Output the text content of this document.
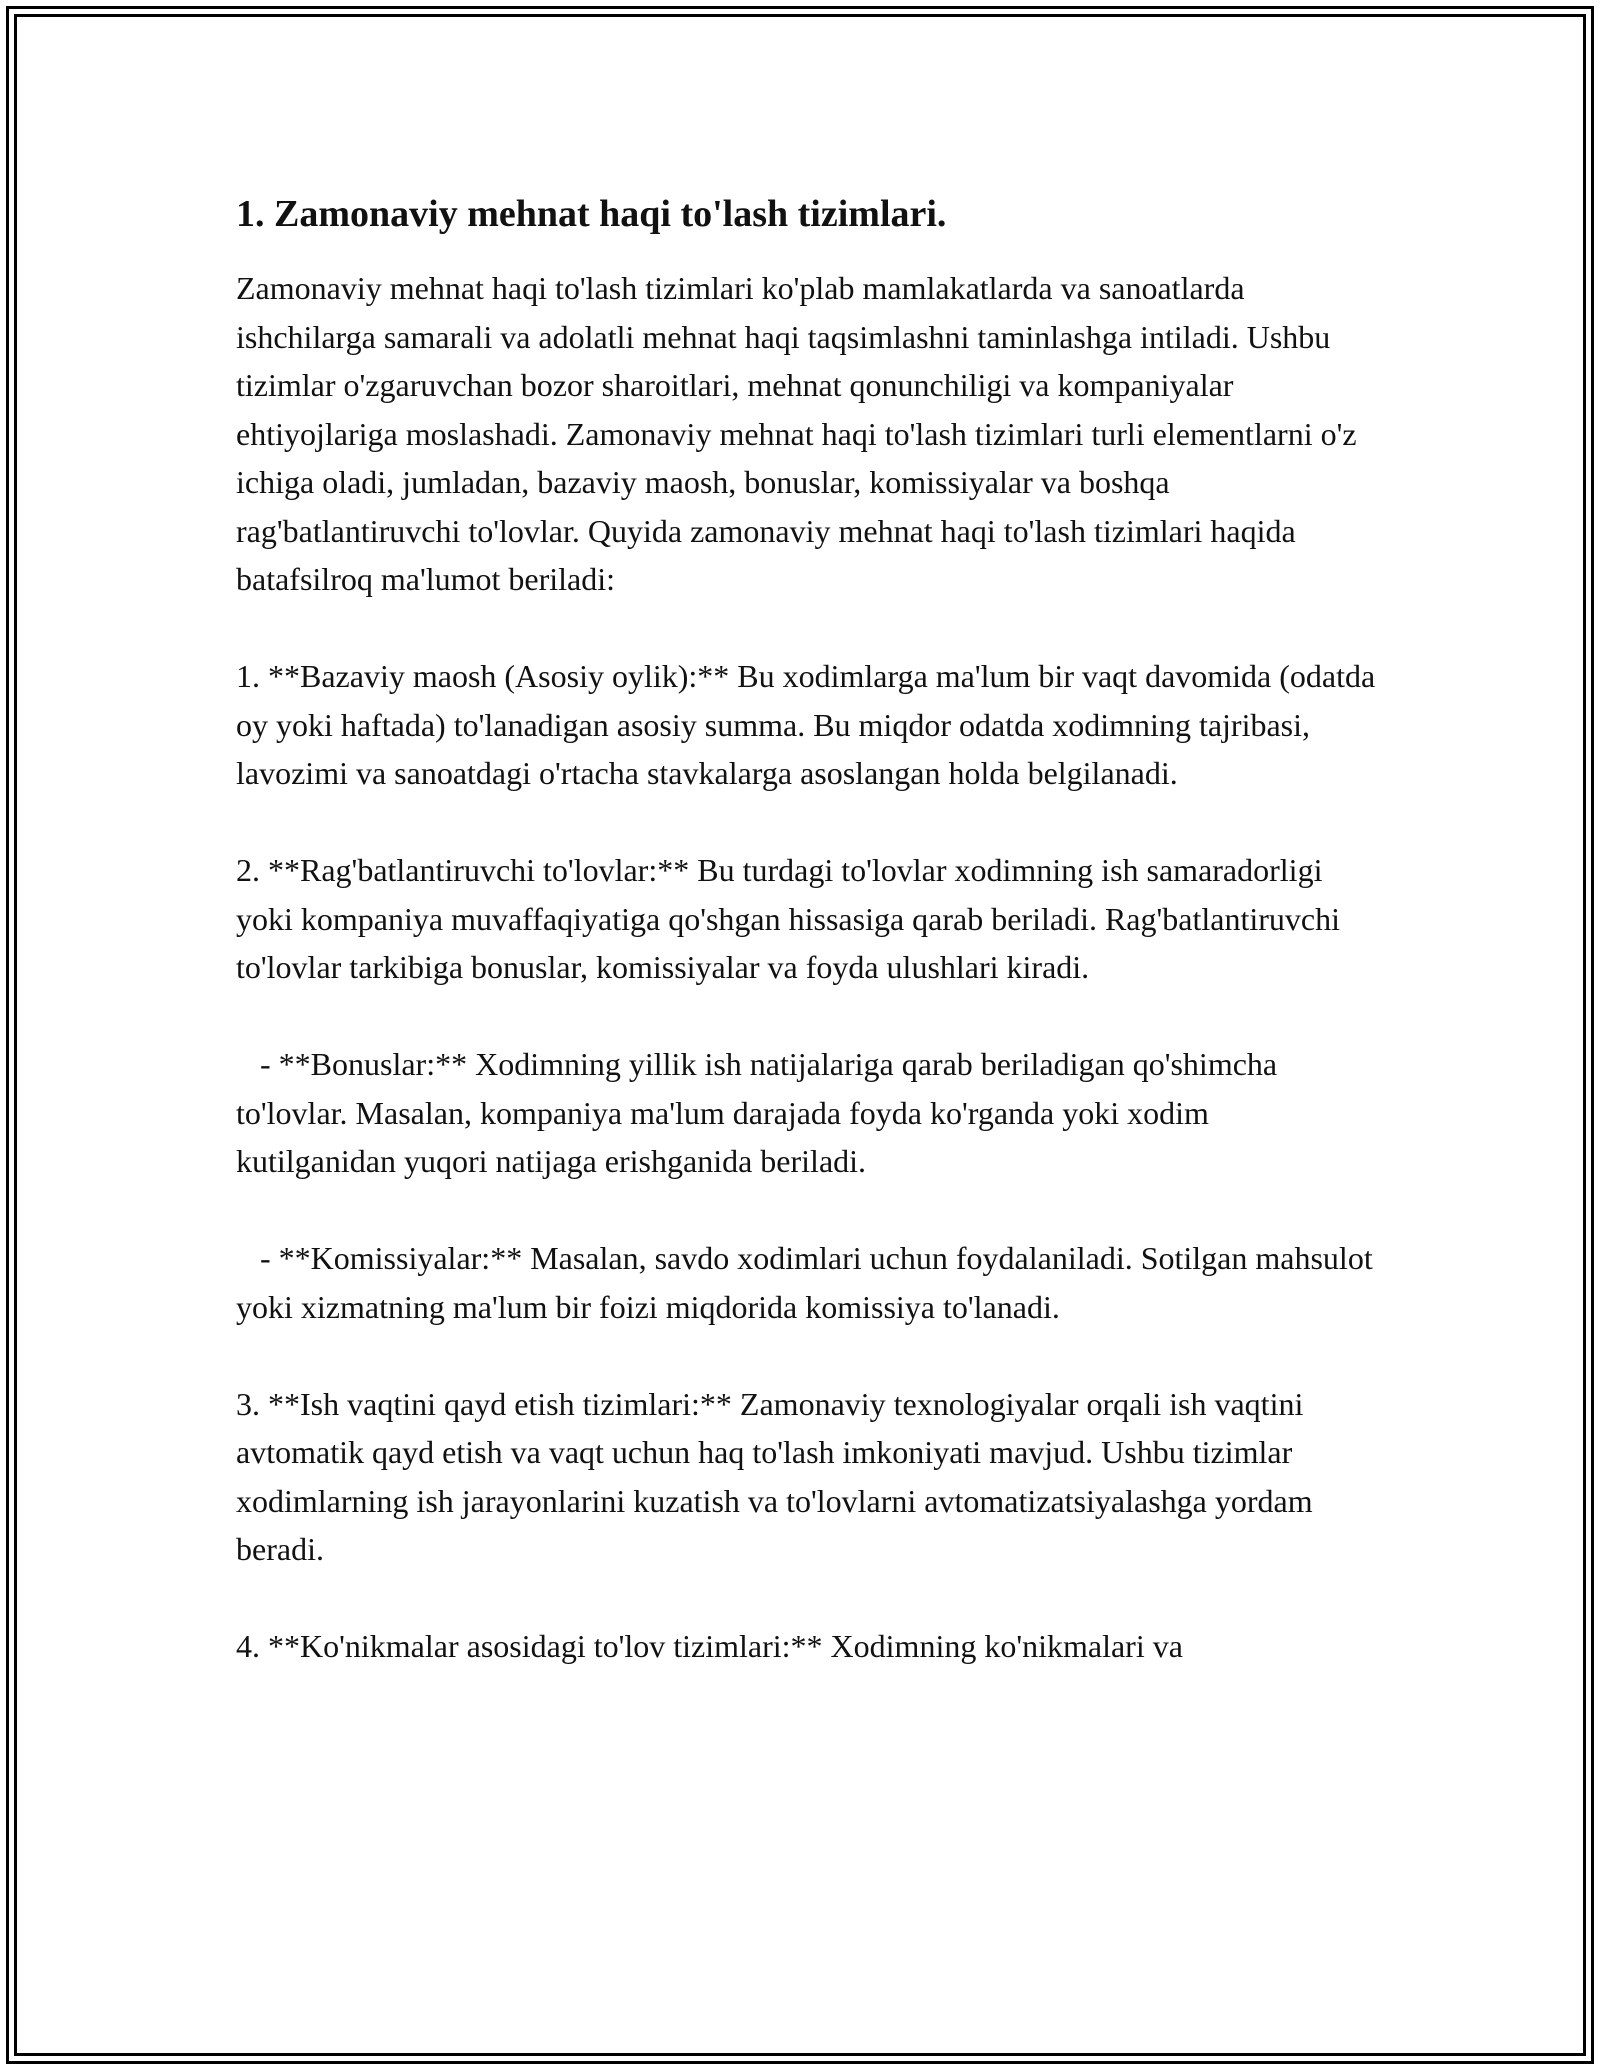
1. Zamonaviy mehnat haqi to'lash tizimlari.

Zamonaviy mehnat haqi to'lash tizimlari ko'plab mamlakatlarda va sanoatlarda ishchilarga samarali va adolatli mehnat haqi taqsimlashni taminlashga intiladi. Ushbu tizimlar o'zgaruvchan bozor sharoitlari, mehnat qonunchiligi va kompaniyalar ehtiyojlariga moslashadi. Zamonaviy mehnat haqi to'lash tizimlari turli elementlarni o'z ichiga oladi, jumladan, bazaviy maosh, bonuslar, komissiyalar va boshqa rag'batlantiruvchi to'lovlar. Quyida zamonaviy mehnat haqi to'lash tizimlari haqida batafsilroq ma'lumot beriladi:

1. **Bazaviy maosh (Asosiy oylik):** Bu xodimlarga ma'lum bir vaqt davomida (odatda oy yoki haftada) to'lanadigan asosiy summa. Bu miqdor odatda xodimning tajribasi, lavozimi va sanoatdagi o'rtacha stavkalarga asoslangan holda belgilanadi.

2. **Rag'batlantiruvchi to'lovlar:** Bu turdagi to'lovlar xodimning ish samaradorligi yoki kompaniya muvaffaqiyatiga qo'shgan hissasiga qarab beriladi. Rag'batlantiruvchi to'lovlar tarkibiga bonuslar, komissiyalar va foyda ulushlari kiradi.

- **Bonuslar:** Xodimning yillik ish natijalariga qarab beriladigan qo'shimcha to'lovlar. Masalan, kompaniya ma'lum darajada foyda ko'rganda yoki xodim kutilganidan yuqori natijaga erishganida beriladi.

- **Komissiyalar:** Masalan, savdo xodimlari uchun foydalaniladi. Sotilgan mahsulot yoki xizmatning ma'lum bir foizi miqdorida komissiya to'lanadi.

3. **Ish vaqtini qayd etish tizimlari:** Zamonaviy texnologiyalar orqali ish vaqtini avtomatik qayd etish va vaqt uchun haq to'lash imkoniyati mavjud. Ushbu tizimlar xodimlarning ish jarayonlarini kuzatish va to'lovlarni avtomatizatsiyalashga yordam beradi.

4. **Ko'nikmalar asosidagi to'lov tizimlari:** Xodimning ko'nikmalari va
